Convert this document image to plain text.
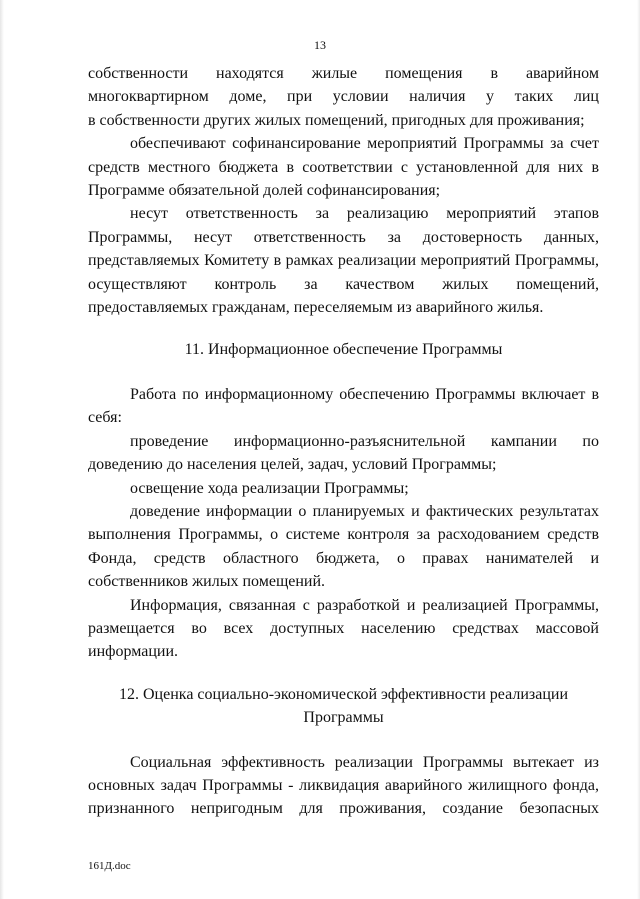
13

собственности находятся жилые помещения в аварийном

многоквартирном доме, при условии наличия у таких лиц

в собственности других жилых помещений, пригодных для проживания;

обеспечивают софинансирование мероприятий Программы за счет средств местного бюджета в соответствии с установленной для них в Программе обязательной долей софинансирования;

несут ответственность за реализацию мероприятий этапов Программы, несут ответственность за достоверность данных, представляемых Комитету в рамках реализации мероприятий Программы, осуществляют контроль за качеством жилых помещений, предоставляемых гражданам, переселяемым из аварийного жилья.

11. Информационное обеспечение Программы

Работа по информационному обеспечению Программы включает в себя:

проведение информационно-разъяснительной кампании по доведению до населения целей, задач, условий Программы;

освещение хода реализации Программы;

доведение информации о планируемых и фактических результатах выполнения Программы, о системе контроля за расходованием средств Фонда, средств областного бюджета, о правах нанимателей и собственников жилых помещений.

Информация, связанная с разработкой и реализацией Программы, размещается во всех доступных населению средствах массовой информации.

12. Оценка социально-экономической эффективности реализации
Программы

Социальная эффективность реализации Программы вытекает из основных задач Программы - ликвидация аварийного жилищного фонда, признанного непригодным для проживания, создание безопасных

161Д.doc
